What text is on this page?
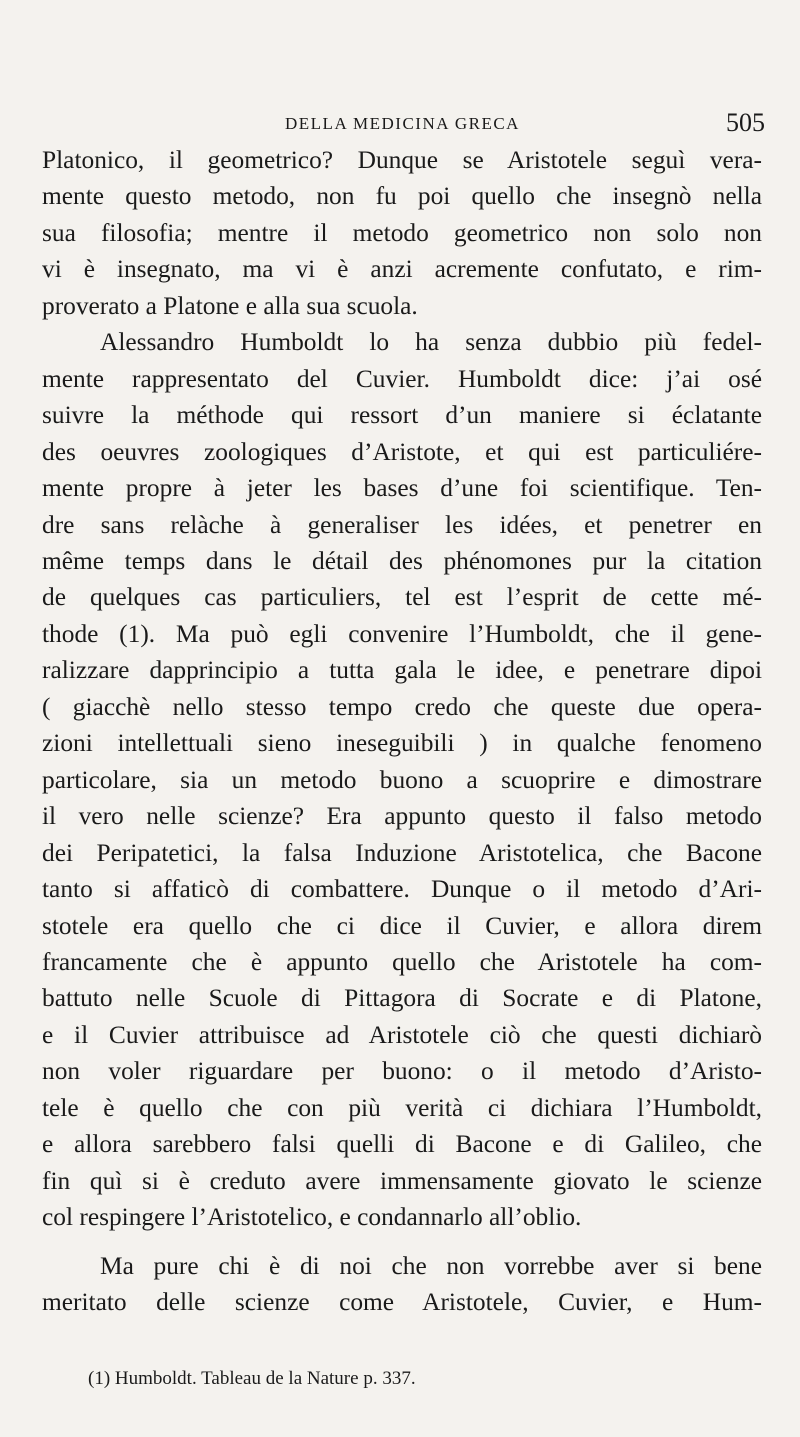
DELLA MEDICINA GRECA	505
Platonico, il geometrico? Dunque se Aristotele seguì vera-
mente questo metodo, non fu poi quello che insegnò nella
sua filosofia; mentre il metodo geometrico non solo non
vi è insegnato, ma vi è anzi acremente confutato, e rim-
proverato a Platone e alla sua scuola.
Alessandro Humboldt lo ha senza dubbio più fedel-
mente rappresentato del Cuvier. Humboldt dice: j’ai osé
suivre la méthode qui ressort d’un maniere si éclatante
des oeuvres zoologiques d’Aristote, et qui est particuliére-
mente propre à jeter les bases d’une foi scientifique. Ten-
dre sans relàche à generaliser les idées, et penetrer en
même temps dans le détail des phénomones pur la citation
de quelques cas particuliers, tel est l’esprit de cette mé-
thode (1). Ma può egli convenire l’Humboldt, che il gene-
ralizzare dapprincipio a tutta gala le idee, e penetrare dipoi
( giacchè nello stesso tempo credo che queste due opera-
zioni intellettuali sieno ineseguibili ) in qualche fenomeno
particolare, sia un metodo buono a scuoprire e dimostrare
il vero nelle scienze? Era appunto questo il falso metodo
dei Peripatetici, la falsa Induzione Aristotelica, che Bacone
tanto si affaticò di combattere. Dunque o il metodo d’Ari-
stotele era quello che ci dice il Cuvier, e allora direm
francamente che è appunto quello che Aristotele ha com-
battuto nelle Scuole di Pittagora di Socrate e di Platone,
e il Cuvier attribuisce ad Aristotele ciò che questi dichiarò
non voler riguardare per buono: o il metodo d’Aristo-
tele è quello che con più verità ci dichiara l’Humboldt,
e allora sarebbero falsi quelli di Bacone e di Galileo, che
fin quì si è creduto avere immensamente giovato le scienze
col respingere l’Aristotelico, e condannarlo all’oblio.
Ma pure chi è di noi che non vorrebbe aver si bene
meritato delle scienze come Aristotele, Cuvier, e Hum-
(1) Humboldt. Tableau de la Nature p. 337.
